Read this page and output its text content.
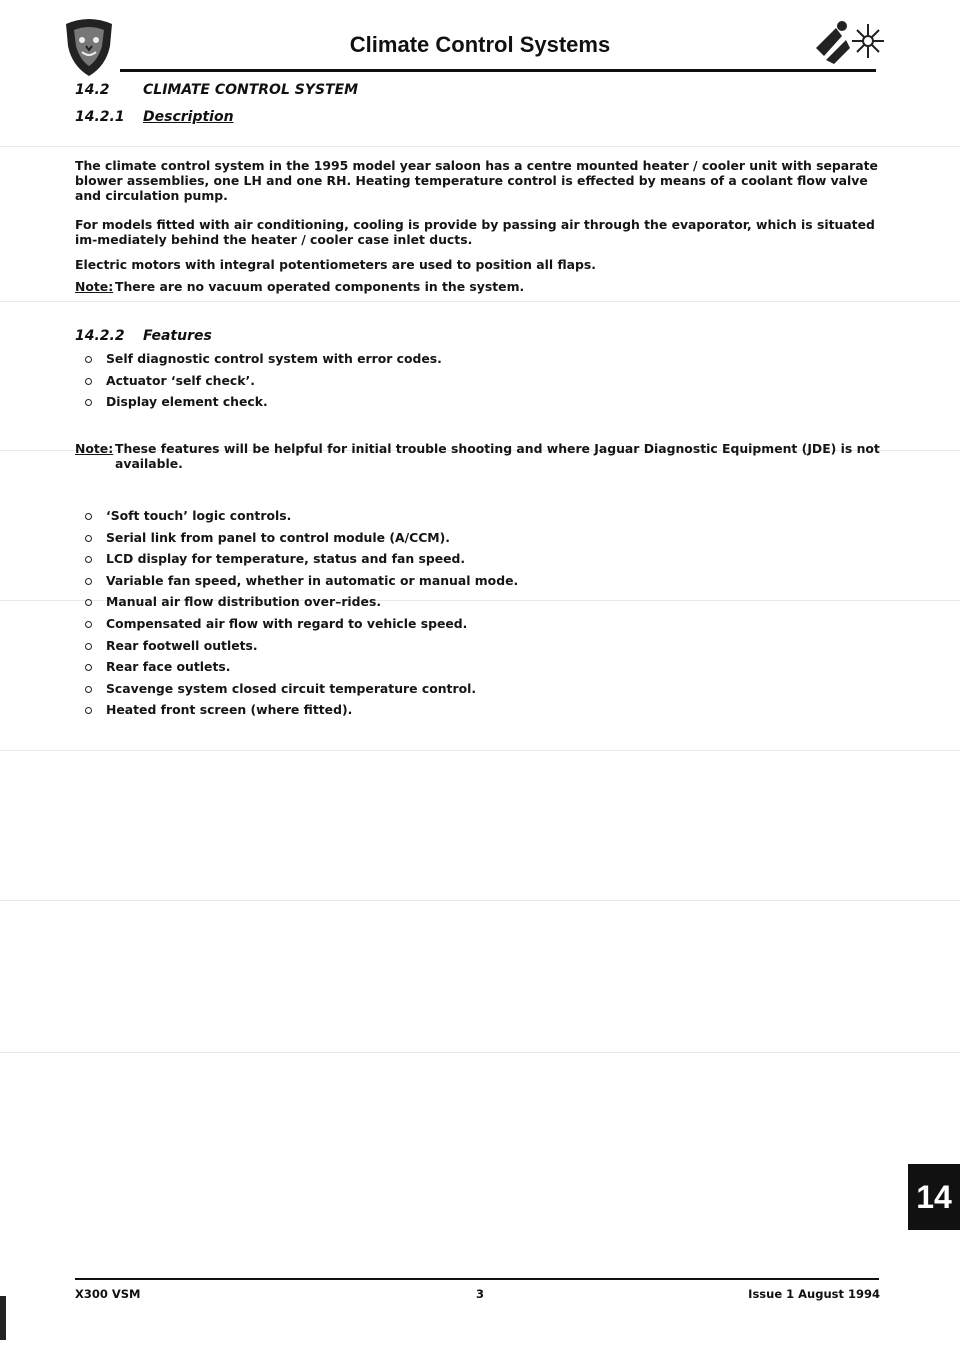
Climate Control Systems
14.2 CLIMATE CONTROL SYSTEM
14.2.1 Description
The climate control system in the 1995 model year saloon has a centre mounted heater / cooler unit with separate blower assemblies, one LH and one RH. Heating temperature control is effected by means of a coolant flow valve and circulation pump.
For models fitted with air conditioning, cooling is provide by passing air through the evaporator, which is situated im-mediately behind the heater / cooler case inlet ducts.
Electric motors with integral potentiometers are used to position all flaps.
Note: There are no vacuum operated components in the system.
14.2.2 Features
Self diagnostic control system with error codes.
Actuator ‘self check’.
Display element check.
Note: These features will be helpful for initial trouble shooting and where Jaguar Diagnostic Equipment (JDE) is not available.
‘Soft touch’ logic controls.
Serial link from panel to control module (A/CCM).
LCD display for temperature, status and fan speed.
Variable fan speed, whether in automatic or manual mode.
Manual air flow distribution over–rides.
Compensated air flow with regard to vehicle speed.
Rear footwell outlets.
Rear face outlets.
Scavenge system closed circuit temperature control.
Heated front screen (where fitted).
14
X300 VSM	3	Issue 1 August 1994
